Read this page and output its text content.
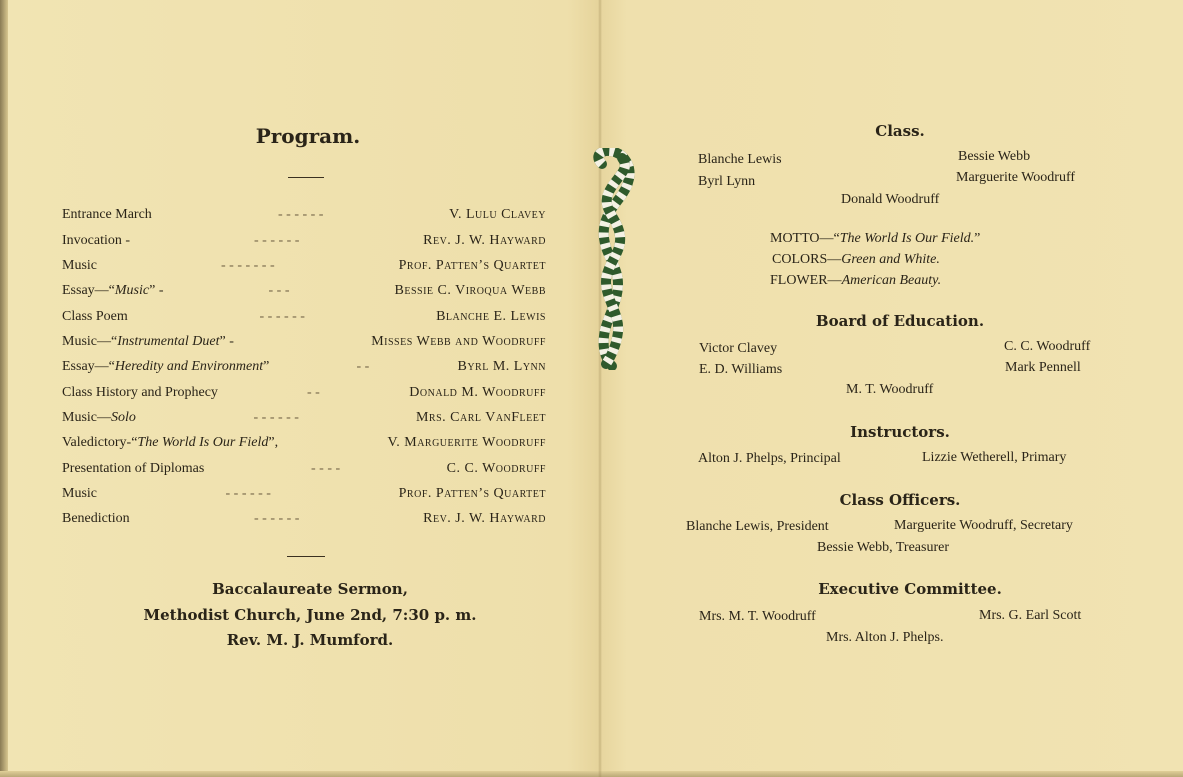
Program.
Entrance March	- - - - - -	V. Lulu Clavey
Invocation -	- - - - - -	Rev. J. W. Hayward
Music	- - - - - - -	Prof. Patten’s Quartet
Essay—“Music” -	- - -	Bessie C. Viroqua Webb
Class Poem	- - - - - -	Blanche E. Lewis
Music—“Instrumental Duet” -	Misses Webb and Woodruff
Essay—“Heredity and Environment”	- -	Byrl M. Lynn
Class History and Prophecy	- -	Donald M. Woodruff
Music—Solo	- - - - - -	Mrs. Carl VanFleet
Valedictory-“The World Is Our Field”,	V. Marguerite Woodruff
Presentation of Diplomas	- - - -	C. C. Woodruff
Music	- - - - - -	Prof. Patten’s Quartet
Benediction	- - - - - -	Rev. J. W. Hayward
Baccalaureate Sermon,
Methodist Church, June 2nd, 7:30 p. m.
Rev. M. J. Mumford.
Class.
Blanche Lewis
Byrl Lynn
Bessie Webb
Marguerite Woodruff
Donald Woodruff
MOTTO—“The World Is Our Field.”
COLORS—Green and White.
FLOWER—American Beauty.
Board of Education.
Victor Clavey
E. D. Williams
C. C. Woodruff
Mark Pennell
M. T. Woodruff
Instructors.
Alton J. Phelps, Principal	Lizzie Wetherell, Primary
Class Officers.
Blanche Lewis, President	Marguerite Woodruff, Secretary
Bessie Webb, Treasurer
Executive Committee.
Mrs. M. T. Woodruff	Mrs. G. Earl Scott
Mrs. Alton J. Phelps.
